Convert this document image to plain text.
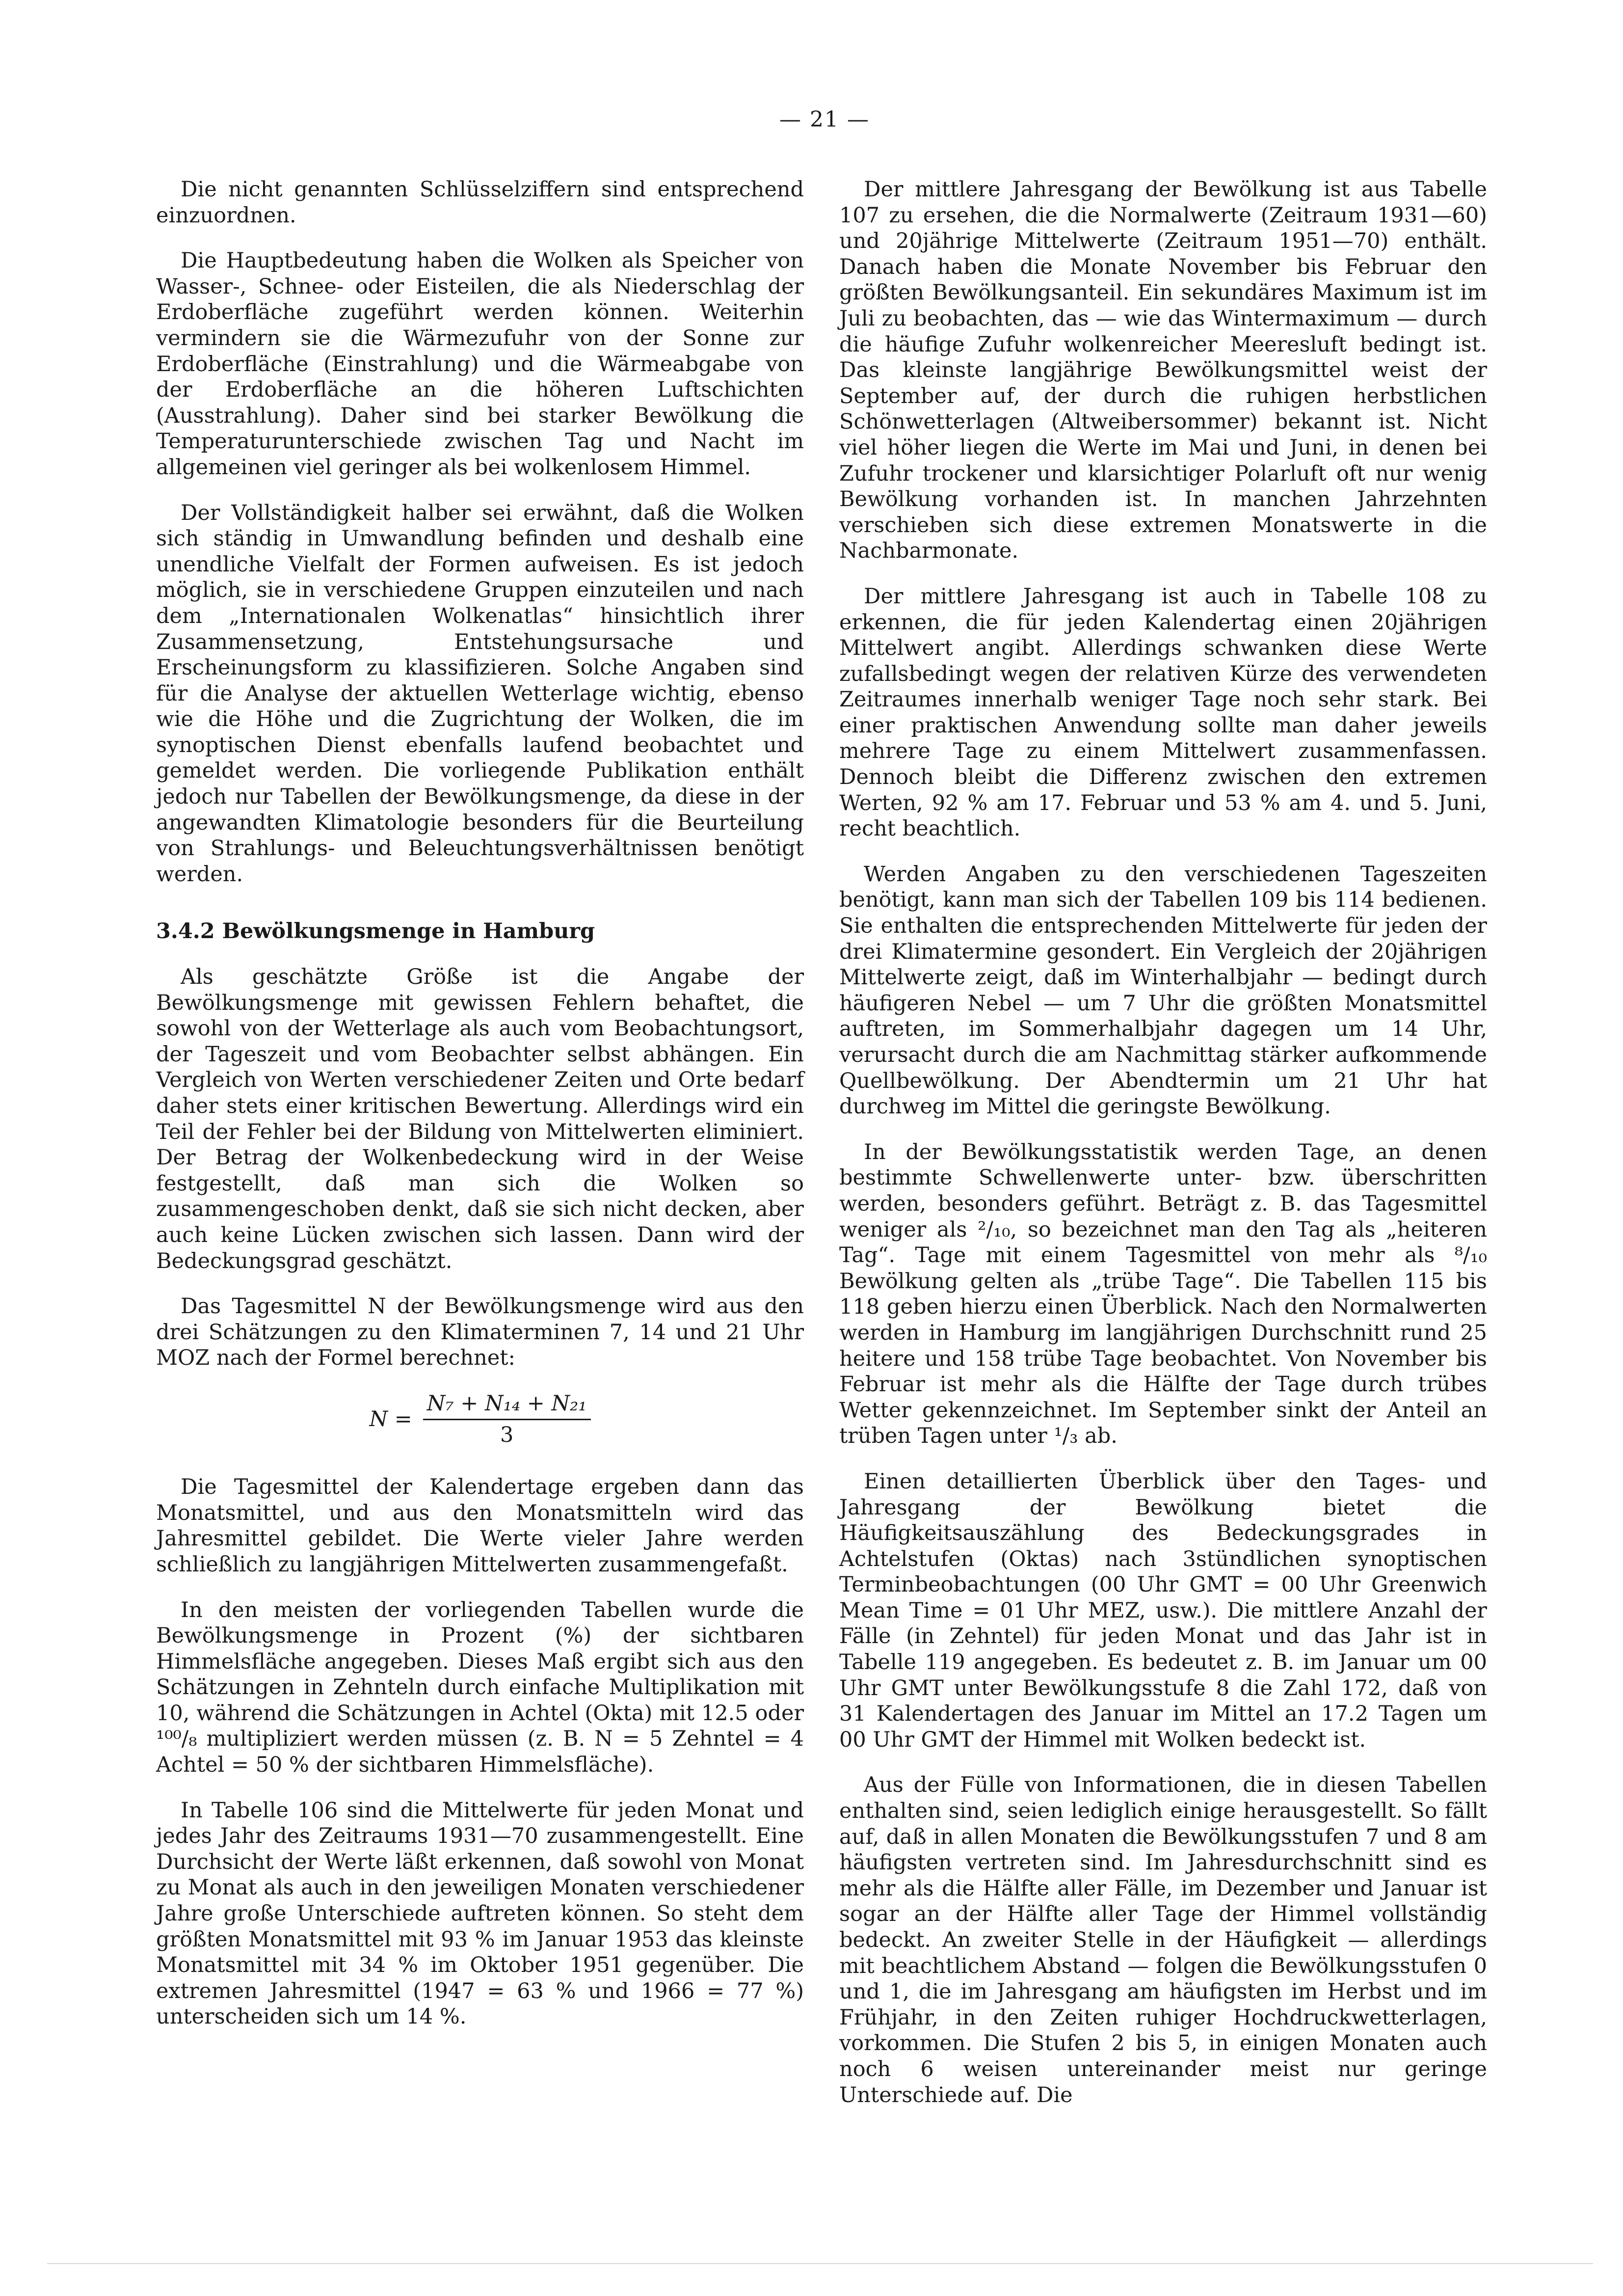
— 21 —

Die nicht genannten Schlüsselziffern sind entsprechend einzuordnen.

Die Hauptbedeutung haben die Wolken als Speicher von Wasser-, Schnee- oder Eisteilen, die als Niederschlag der Erdoberfläche zugeführt werden können. Weiterhin vermindern sie die Wärmezufuhr von der Sonne zur Erdoberfläche (Einstrahlung) und die Wärmeabgabe von der Erdoberfläche an die höheren Luftschichten (Ausstrahlung). Daher sind bei starker Bewölkung die Temperaturunterschiede zwischen Tag und Nacht im allgemeinen viel geringer als bei wolkenlosem Himmel.

Der Vollständigkeit halber sei erwähnt, daß die Wolken sich ständig in Umwandlung befinden und deshalb eine unendliche Vielfalt der Formen aufweisen. Es ist jedoch möglich, sie in verschiedene Gruppen einzuteilen und nach dem „Internationalen Wolkenatlas“ hinsichtlich ihrer Zusammensetzung, Entstehungsursache und Erscheinungsform zu klassifizieren. Solche Angaben sind für die Analyse der aktuellen Wetterlage wichtig, ebenso wie die Höhe und die Zugrichtung der Wolken, die im synoptischen Dienst ebenfalls laufend beobachtet und gemeldet werden. Die vorliegende Publikation enthält jedoch nur Tabellen der Bewölkungsmenge, da diese in der angewandten Klimatologie besonders für die Beurteilung von Strahlungs- und Beleuchtungsverhältnissen benötigt werden.

3.4.2 Bewölkungsmenge in Hamburg

Als geschätzte Größe ist die Angabe der Bewölkungsmenge mit gewissen Fehlern behaftet, die sowohl von der Wetterlage als auch vom Beobachtungsort, der Tageszeit und vom Beobachter selbst abhängen. Ein Vergleich von Werten verschiedener Zeiten und Orte bedarf daher stets einer kritischen Bewertung. Allerdings wird ein Teil der Fehler bei der Bildung von Mittelwerten eliminiert. Der Betrag der Wolkenbedeckung wird in der Weise festgestellt, daß man sich die Wolken so zusammengeschoben denkt, daß sie sich nicht decken, aber auch keine Lücken zwischen sich lassen. Dann wird der Bedeckungsgrad geschätzt.

Das Tagesmittel N der Bewölkungsmenge wird aus den drei Schätzungen zu den Klimaterminen 7, 14 und 21 Uhr MOZ nach der Formel berechnet:

$N = \frac{\text{N₇ + N₁₄ + N₂₁}}{3}$

Die Tagesmittel der Kalendertage ergeben dann das Monatsmittel, und aus den Monatsmitteln wird das Jahresmittel gebildet. Die Werte vieler Jahre werden schließlich zu langjährigen Mittelwerten zusammengefaßt.

In den meisten der vorliegenden Tabellen wurde die Bewölkungsmenge in Prozent (%) der sichtbaren Himmelsfläche angegeben. Dieses Maß ergibt sich aus den Schätzungen in Zehnteln durch einfache Multiplikation mit 10, während die Schätzungen in Achtel (Okta) mit 12.5 oder ¹⁰⁰/₈ multipliziert werden müssen (z. B. N = 5 Zehntel = 4 Achtel = 50 % der sichtbaren Himmelsfläche).

In Tabelle 106 sind die Mittelwerte für jeden Monat und jedes Jahr des Zeitraums 1931—70 zusammengestellt. Eine Durchsicht der Werte läßt erkennen, daß sowohl von Monat zu Monat als auch in den jeweiligen Monaten verschiedener Jahre große Unterschiede auftreten können. So steht dem größten Monatsmittel mit 93 % im Januar 1953 das kleinste Monatsmittel mit 34 % im Oktober 1951 gegenüber. Die extremen Jahresmittel (1947 = 63 % und 1966 = 77 %) unterscheiden sich um 14 %.

Der mittlere Jahresgang der Bewölkung ist aus Tabelle 107 zu ersehen, die die Normalwerte (Zeitraum 1931—60) und 20jährige Mittelwerte (Zeitraum 1951—70) enthält. Danach haben die Monate November bis Februar den größten Bewölkungsanteil. Ein sekundäres Maximum ist im Juli zu beobachten, das — wie das Wintermaximum — durch die häufige Zufuhr wolkenreicher Meeresluft bedingt ist. Das kleinste langjährige Bewölkungsmittel weist der September auf, der durch die ruhigen herbstlichen Schönwetterlagen (Altweibersommer) bekannt ist. Nicht viel höher liegen die Werte im Mai und Juni, in denen bei Zufuhr trockener und klarsichtiger Polarluft oft nur wenig Bewölkung vorhanden ist. In manchen Jahrzehnten verschieben sich diese extremen Monatswerte in die Nachbarmonate.

Der mittlere Jahresgang ist auch in Tabelle 108 zu erkennen, die für jeden Kalendertag einen 20jährigen Mittelwert angibt. Allerdings schwanken diese Werte zufallsbedingt wegen der relativen Kürze des verwendeten Zeitraumes innerhalb weniger Tage noch sehr stark. Bei einer praktischen Anwendung sollte man daher jeweils mehrere Tage zu einem Mittelwert zusammenfassen. Dennoch bleibt die Differenz zwischen den extremen Werten, 92 % am 17. Februar und 53 % am 4. und 5. Juni, recht beachtlich.

Werden Angaben zu den verschiedenen Tageszeiten benötigt, kann man sich der Tabellen 109 bis 114 bedienen. Sie enthalten die entsprechenden Mittelwerte für jeden der drei Klimatermine gesondert. Ein Vergleich der 20jährigen Mittelwerte zeigt, daß im Winterhalbjahr — bedingt durch häufigeren Nebel — um 7 Uhr die größten Monatsmittel auftreten, im Sommerhalbjahr dagegen um 14 Uhr, verursacht durch die am Nachmittag stärker aufkommende Quellbewölkung. Der Abendtermin um 21 Uhr hat durchweg im Mittel die geringste Bewölkung.

In der Bewölkungsstatistik werden Tage, an denen bestimmte Schwellenwerte unter- bzw. überschritten werden, besonders geführt. Beträgt z. B. das Tagesmittel weniger als ²/₁₀, so bezeichnet man den Tag als „heiteren Tag“. Tage mit einem Tagesmittel von mehr als ⁸/₁₀ Bewölkung gelten als „trübe Tage“. Die Tabellen 115 bis 118 geben hierzu einen Überblick. Nach den Normalwerten werden in Hamburg im langjährigen Durchschnitt rund 25 heitere und 158 trübe Tage beobachtet. Von November bis Februar ist mehr als die Hälfte der Tage durch trübes Wetter gekennzeichnet. Im September sinkt der Anteil an trüben Tagen unter ¹/₃ ab.

Einen detaillierten Überblick über den Tages- und Jahresgang der Bewölkung bietet die Häufigkeitsauszählung des Bedeckungsgrades in Achtelstufen (Oktas) nach 3stündlichen synoptischen Terminbeobachtungen (00 Uhr GMT = 00 Uhr Greenwich Mean Time = 01 Uhr MEZ, usw.). Die mittlere Anzahl der Fälle (in Zehntel) für jeden Monat und das Jahr ist in Tabelle 119 angegeben. Es bedeutet z. B. im Januar um 00 Uhr GMT unter Bewölkungsstufe 8 die Zahl 172, daß von 31 Kalendertagen des Januar im Mittel an 17.2 Tagen um 00 Uhr GMT der Himmel mit Wolken bedeckt ist.

Aus der Fülle von Informationen, die in diesen Tabellen enthalten sind, seien lediglich einige herausgestellt. So fällt auf, daß in allen Monaten die Bewölkungsstufen 7 und 8 am häufigsten vertreten sind. Im Jahresdurchschnitt sind es mehr als die Hälfte aller Fälle, im Dezember und Januar ist sogar an der Hälfte aller Tage der Himmel vollständig bedeckt. An zweiter Stelle in der Häufigkeit — allerdings mit beachtlichem Abstand — folgen die Bewölkungsstufen 0 und 1, die im Jahresgang am häufigsten im Herbst und im Frühjahr, in den Zeiten ruhiger Hochdruckwetterlagen, vorkommen. Die Stufen 2 bis 5, in einigen Monaten auch noch 6 weisen untereinander meist nur geringe Unterschiede auf. Die
